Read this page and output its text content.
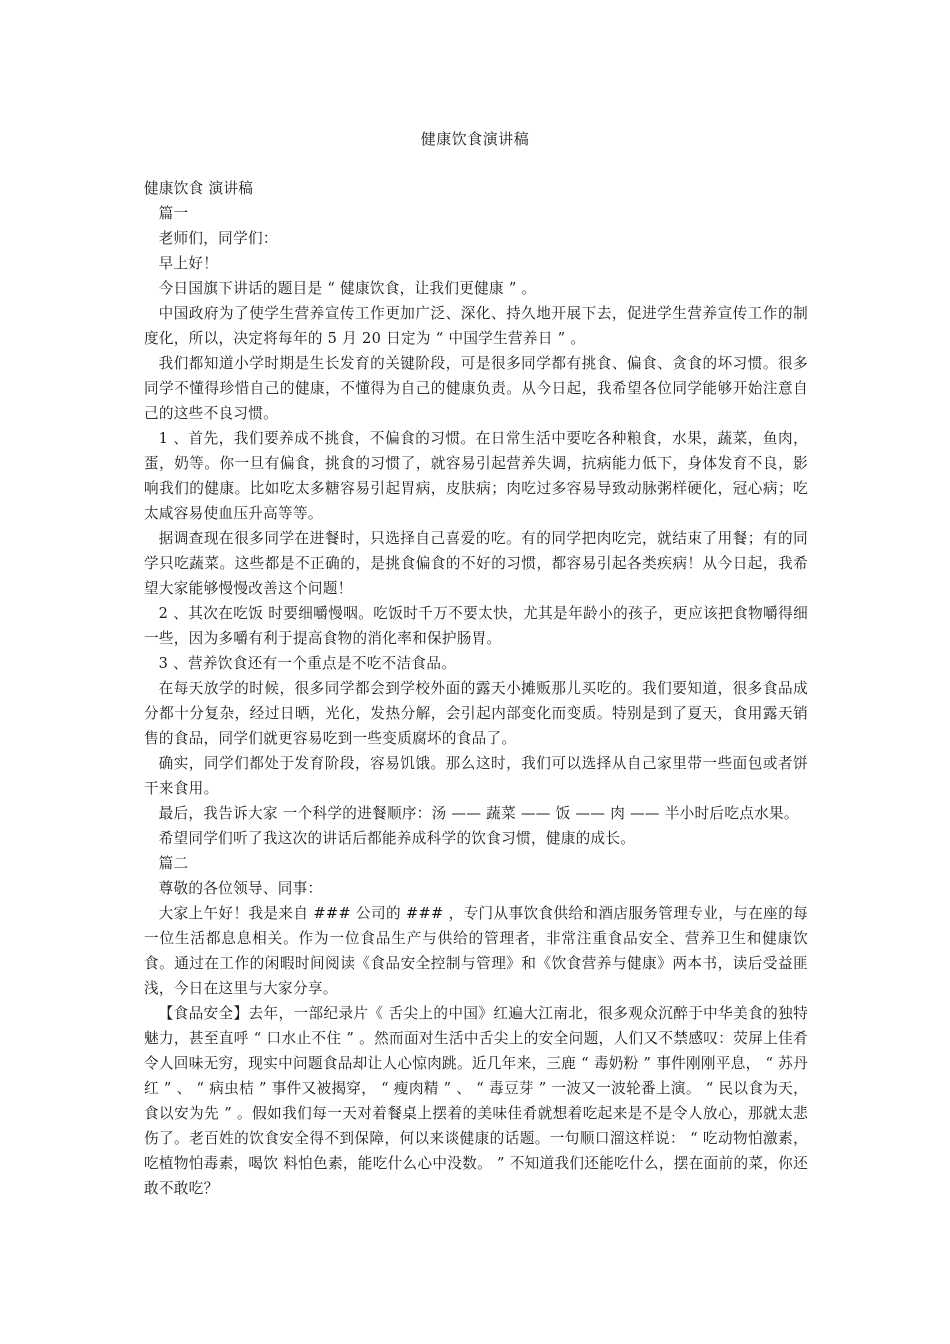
健康饮食演讲稿

健康饮食 演讲稿

篇一

老师们，同学们：

早上好！

今日国旗下讲话的题目是 “ 健康饮食，让我们更健康 ” 。

中国政府为了使学生营养宣传工作更加广泛、深化、持久地开展下去，促进学生营养宣传工作的制度化，所以，决定将每年的 5 月 20 日定为 “ 中国学生营养日 ” 。

我们都知道小学时期是生长发育的关键阶段，可是很多同学都有挑食、偏食、贪食的坏习惯。很多同学不懂得珍惜自己的健康，不懂得为自己的健康负责。从今日起，我希望各位同学能够开始注意自己的这些不良习惯。

1 、首先，我们要养成不挑食，不偏食的习惯。在日常生活中要吃各种粮食，水果，蔬菜，鱼肉，蛋，奶等。你一旦有偏食，挑食的习惯了，就容易引起营养失调，抗病能力低下，身体发育不良，影响我们的健康。比如吃太多糖容易引起胃病，皮肤病；肉吃过多容易导致动脉粥样硬化，冠心病；吃太咸容易使血压升高等等。

据调查现在很多同学在进餐时，只选择自己喜爱的吃。有的同学把肉吃完，就结束了用餐；有的同学只吃蔬菜。这些都是不正确的，是挑食偏食的不好的习惯，都容易引起各类疾病！从今日起，我希望大家能够慢慢改善这个问题！

2 、其次在吃饭 时要细嚼慢咽。吃饭时千万不要太快，尤其是年龄小的孩子，更应该把食物嚼得细一些，因为多嚼有利于提高食物的消化率和保护肠胃。

3 、营养饮食还有一个重点是不吃不洁食品。

在每天放学的时候，很多同学都会到学校外面的露天小摊贩那儿买吃的。我们要知道，很多食品成分都十分复杂，经过日晒，光化，发热分解，会引起内部变化而变质。特别是到了夏天，食用露天销售的食品，同学们就更容易吃到一些变质腐坏的食品了。

确实，同学们都处于发育阶段，容易饥饿。那么这时，我们可以选择从自己家里带一些面包或者饼干来食用。

最后，我告诉大家 一个科学的进餐顺序：汤 —— 蔬菜 —— 饭 —— 肉 —— 半小时后吃点水果。

希望同学们听了我这次的讲话后都能养成科学的饮食习惯，健康的成长。

篇二

尊敬的各位领导、同事：

大家上午好！我是来自 ### 公司的 ### ，专门从事饮食供给和酒店服务管理专业，与在座的每一位生活都息息相关。作为一位食品生产与供给的管理者，非常注重食品安全、营养卫生和健康饮食。通过在工作的闲暇时间阅读《食品安全控制与管理》和《饮食营养与健康》两本书，读后受益匪浅，今日在这里与大家分享。

【食品安全】去年，一部纪录片《 舌尖上的中国》红遍大江南北，很多观众沉醉于中华美食的独特魅力，甚至直呼 “ 口水止不住 ” 。然而面对生活中舌尖上的安全问题，人们又不禁感叹：荧屏上佳肴令人回味无穷，现实中问题食品却让人心惊肉跳。近几年来，三鹿 “ 毒奶粉 ” 事件刚刚平息， “ 苏丹红 ” 、 “ 病虫桔 ” 事件又被揭穿， “ 瘦肉精 ” 、 “ 毒豆芽 ” 一波又一波轮番上演。 “ 民以食为天，食以安为先 ” 。假如我们每一天对着餐桌上摆着的美味佳肴就想着吃起来是不是令人放心，那就太悲伤了。老百姓的饮食安全得不到保障，何以来谈健康的话题。一句顺口溜这样说： “ 吃动物怕激素，吃植物怕毒素，喝饮 料怕色素，能吃什么心中没数。 ” 不知道我们还能吃什么，摆在面前的菜，你还敢不敢吃？
